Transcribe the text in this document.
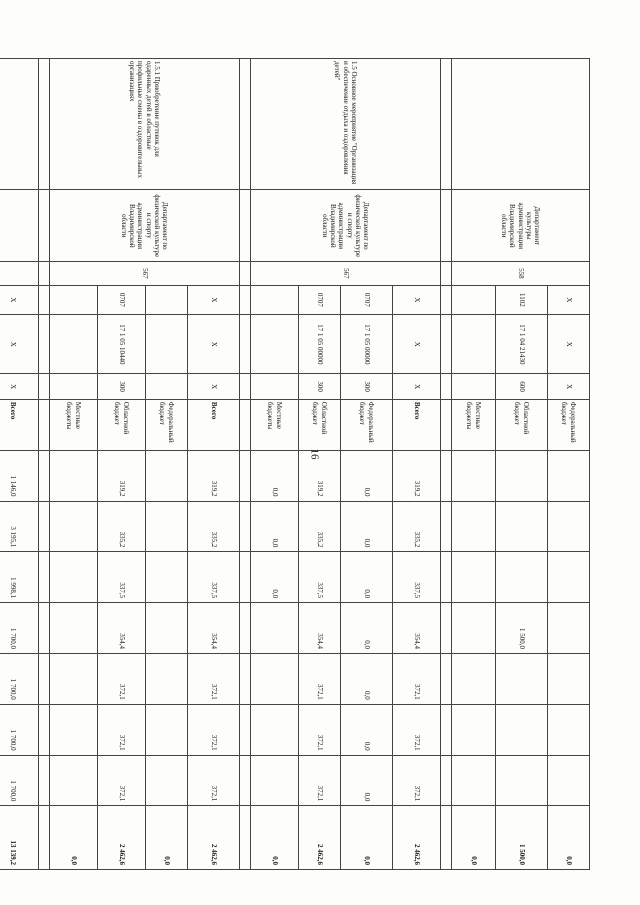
16
	Департамент культуры администрации Владимирской области	558	X	X	X	Федеральный бюджет								0,0
			1102	17 1 04 21430	600	Областной бюджет				1 500,0				1 500,0
						Местные бюджеты								0,0

1.5 Основное мероприятие "Организация и обеспечение отдыха и оздоровления детей"	Департамент по физической культуре и спорту администрации Владимирской области	567	X	X	X	Всего	319,2	335,2	337,5	354,4	372,1	372,1	372,1	2 462,6
			0707	17 1 05 00000	300	Федеральный бюджет	0,0	0,0	0,0	0,0	0,0	0,0	0,0	0,0
			0707	17 1 05 00000	300	Областной бюджет	319,2	335,2	337,5	354,4	372,1	372,1	372,1	2 462,6
						Местные бюджеты	0,0	0,0	0,0					0,0

1.5.1 Приобретение путевок для одаренных детей в областные профильные смены в оздоровительных организациях	Департамент по физической культуре и спорту администрации Владимирской области	567	X	X	X	Всего	319,2	335,2	337,5	354,4	372,1	372,1	372,1	2 462,6
						Федеральный бюджет								0,0
			0707	17 1 05 10440	300	Областной бюджет	319,2	335,2	337,5	354,4	372,1	372,1	372,1	2 462,6
						Местные бюджеты								0,0

			X	X	X	Всего	1 146,0	3 195,1	1 998,1	1 700,0	1 700,0	1 700,0	1 700,0	13 139,2
